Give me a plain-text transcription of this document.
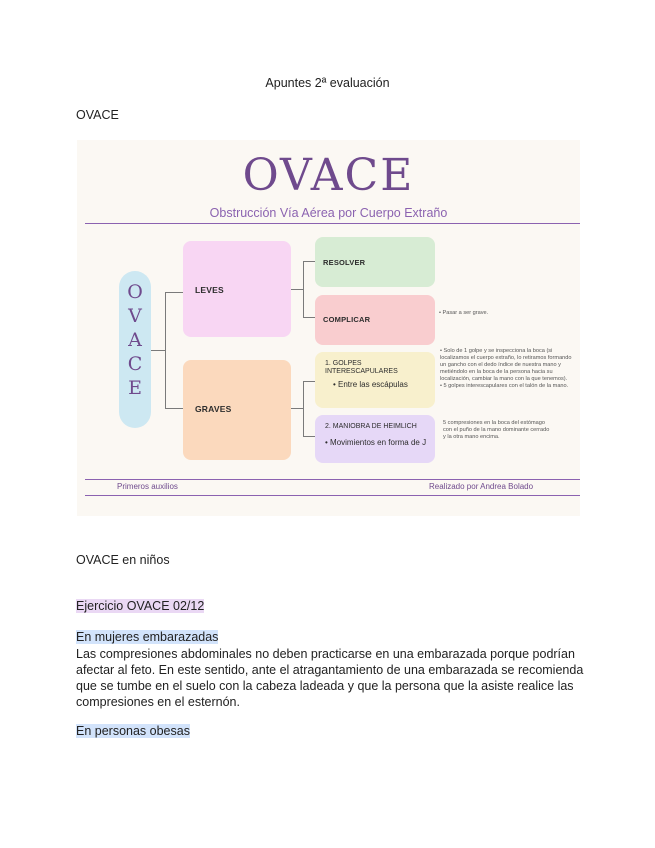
Apuntes 2ª evaluación
OVACE
OVACE
Obstrucción Vía Aérea por Cuerpo Extraño
O
V
A
C
E
LEVES
GRAVES
RESOLVER
COMPLICAR
• Pasar a ser grave.
1. GOLPES INTERESCAPULARES
• Entre las escápulas
• Solo de 1 golpe y se inspecciona la boca (si localizamos el cuerpo extraño, lo retiramos formando un gancho con el dedo índice de nuestra mano y metiéndolo en la boca de la persona hacia su localización, cambiar la mano con la que tenemos).
• 5 golpes interescapulares con el talón de la mano.
2. MANIOBRA DE HEIMLICH
• Movimientos en forma de J
5 compresiones en la boca del estómago con el puño de la mano dominante cerrado y la otra mano encima.
Primeros auxilios	Realizado por Andrea Bolado
OVACE en niños
Ejercicio OVACE 02/12
En mujeres embarazadas
Las compresiones abdominales no deben practicarse en una embarazada porque podrían afectar al feto. En este sentido, ante el atragantamiento de una embarazada se recomienda que se tumbe en el suelo con la cabeza ladeada y que la persona que la asiste realice las compresiones en el esternón.
En personas obesas
